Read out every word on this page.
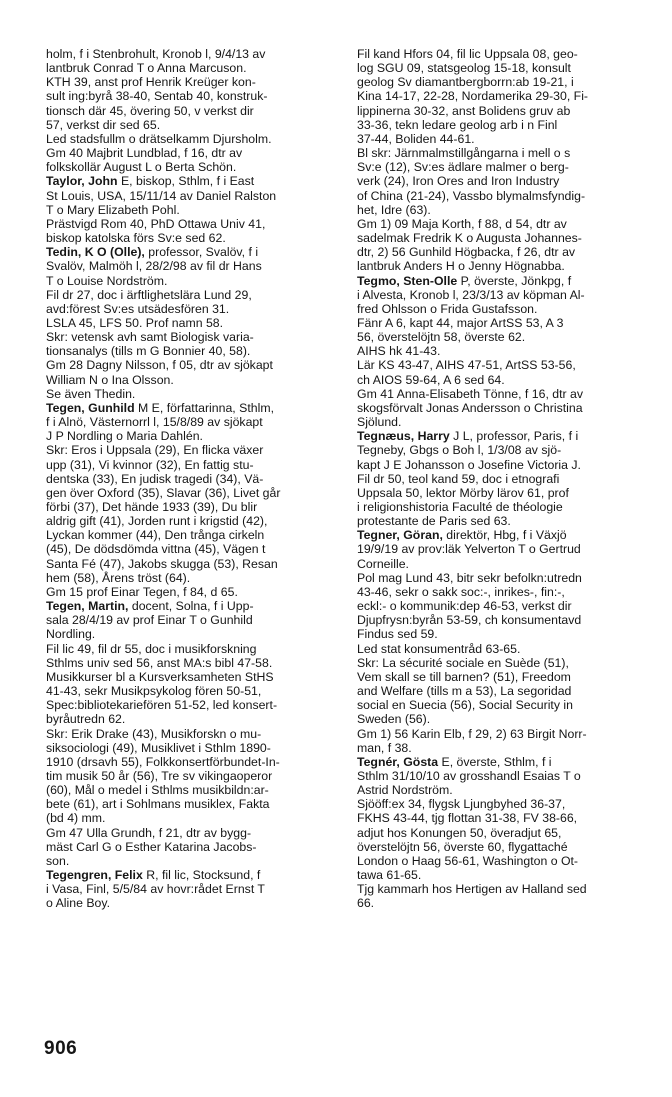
holm, f i Stenbrohult, Kronob l, 9/4/13 av
lantbruk Conrad T o Anna Marcuson.
KTH 39, anst prof Henrik Kreüger kon-
sult ing:byrå 38-40, Sentab 40, konstruk-
tionsch där 45, övering 50, v verkst dir
57, verkst dir sed 65.
Led stadsfullm o drätselkamm Djursholm.
Gm 40 Majbrit Lundblad, f 16, dtr av
folkskollär August L o Berta Schön.
Taylor, John E, biskop, Sthlm, f i East
St Louis, USA, 15/11/14 av Daniel Ralston
T o Mary Elizabeth Pohl.
Prästvigd Rom 40, PhD Ottawa Univ 41,
biskop katolska förs Sv:e sed 62.
Tedin, K O (Olle), professor, Svalöv, f i
Svalöv, Malmöh l, 28/2/98 av fil dr Hans
T o Louise Nordström.
Fil dr 27, doc i ärftlighetslära Lund 29,
avd:förest Sv:es utsädesfören 31.
LSLA 45, LFS 50. Prof namn 58.
Skr: vetensk avh samt Biologisk varia-
tionsanalys (tills m G Bonnier 40, 58).
Gm 28 Dagny Nilsson, f 05, dtr av sjökapt
William N o Ina Olsson.
Se även Thedin.
Tegen, Gunhild M E, författarinna, Sthlm,
f i Alnö, Västernorrl l, 15/8/89 av sjökapt
J P Nordling o Maria Dahlén.
Skr: Eros i Uppsala (29), En flicka växer
upp (31), Vi kvinnor (32), En fattig stu-
dentska (33), En judisk tragedi (34), Vä-
gen över Oxford (35), Slavar (36), Livet går
förbi (37), Det hände 1933 (39), Du blir
aldrig gift (41), Jorden runt i krigstid (42),
Lyckan kommer (44), Den trånga cirkeln
(45), De dödsdömda vittna (45), Vägen t
Santa Fé (47), Jakobs skugga (53), Resan
hem (58), Årens tröst (64).
Gm 15 prof Einar Tegen, f 84, d 65.
Tegen, Martin, docent, Solna, f i Upp-
sala 28/4/19 av prof Einar T o Gunhild
Nordling.
Fil lic 49, fil dr 55, doc i musikforskning
Sthlms univ sed 56, anst MA:s bibl 47-58.
Musikkurser bl a Kursverksamheten StHS
41-43, sekr Musikpsykolog fören 50-51,
Spec:bibliotekariefören 51-52, led konsert-
byråutredn 62.
Skr: Erik Drake (43), Musikforskn o mu-
siksociologi (49), Musiklivet i Sthlm 1890-
1910 (drsavh 55), Folkkonsertförbundet-In-
tim musik 50 år (56), Tre sv vikingaoperor
(60), Mål o medel i Sthlms musikbildn:ar-
bete (61), art i Sohlmans musiklex, Fakta
(bd 4) mm.
Gm 47 Ulla Grundh, f 21, dtr av bygg-
mäst Carl G o Esther Katarina Jacobs-
son.
Tegengren, Felix R, fil lic, Stocksund, f
i Vasa, Finl, 5/5/84 av hovr:rådet Ernst T
o Aline Boy.
Fil kand Hfors 04, fil lic Uppsala 08, geo-
log SGU 09, statsgeolog 15-18, konsult
geolog Sv diamantbergborrn:ab 19-21, i
Kina 14-17, 22-28, Nordamerika 29-30, Fi-
lippinerna 30-32, anst Bolidens gruv ab
33-36, tekn ledare geolog arb i n Finl
37-44, Boliden 44-61.
Bl skr: Järnmalmstillgångarna i mell o s
Sv:e (12), Sv:es ädlare malmer o berg-
verk (24), Iron Ores and Iron Industry
of China (21-24), Vassbo blymalmsfyndig-
het, Idre (63).
Gm 1) 09 Maja Korth, f 88, d 54, dtr av
sadelmak Fredrik K o Augusta Johannes-
dtr, 2) 56 Gunhild Högbacka, f 26, dtr av
lantbruk Anders H o Jenny Högnabba.
Tegmo, Sten-Olle P, överste, Jönkpg, f
i Alvesta, Kronob l, 23/3/13 av köpman Al-
fred Ohlsson o Frida Gustafsson.
Fänr A 6, kapt 44, major ArtSS 53, A 3
56, överstelöjtn 58, överste 62.
AIHS hk 41-43.
Lär KS 43-47, AIHS 47-51, ArtSS 53-56,
ch AIOS 59-64, A 6 sed 64.
Gm 41 Anna-Elisabeth Tönne, f 16, dtr av
skogsförvalt Jonas Andersson o Christina
Sjölund.
Tegnæus, Harry J L, professor, Paris, f i
Tegneby, Gbgs o Boh l, 1/3/08 av sjö-
kapt J E Johansson o Josefine Victoria J.
Fil dr 50, teol kand 59, doc i etnografi
Uppsala 50, lektor Mörby lärov 61, prof
i religionshistoria Faculté de théologie
protestante de Paris sed 63.
Tegner, Göran, direktör, Hbg, f i Växjö
19/9/19 av prov:läk Yelverton T o Gertrud
Corneille.
Pol mag Lund 43, bitr sekr befolkn:utredn
43-46, sekr o sakk soc:-, inrikes-, fin:-,
eckl:- o kommunik:dep 46-53, verkst dir
Djupfrysn:byrån 53-59, ch konsumentavd
Findus sed 59.
Led stat konsumentråd 63-65.
Skr: La sécurité sociale en Suède (51),
Vem skall se till barnen? (51), Freedom
and Welfare (tills m a 53), La segoridad
social en Suecia (56), Social Security in
Sweden (56).
Gm 1) 56 Karin Elb, f 29, 2) 63 Birgit Norr-
man, f 38.
Tegnér, Gösta E, överste, Sthlm, f i
Sthlm 31/10/10 av grosshandl Esaias T o
Astrid Nordström.
Sjööff:ex 34, flygsk Ljungbyhed 36-37,
FKHS 43-44, tjg flottan 31-38, FV 38-66,
adjut hos Konungen 50, överadjut 65,
överstelöjtn 56, överste 60, flygattaché
London o Haag 56-61, Washington o Ot-
tawa 61-65.
Tjg kammarh hos Hertigen av Halland sed
66.
906
